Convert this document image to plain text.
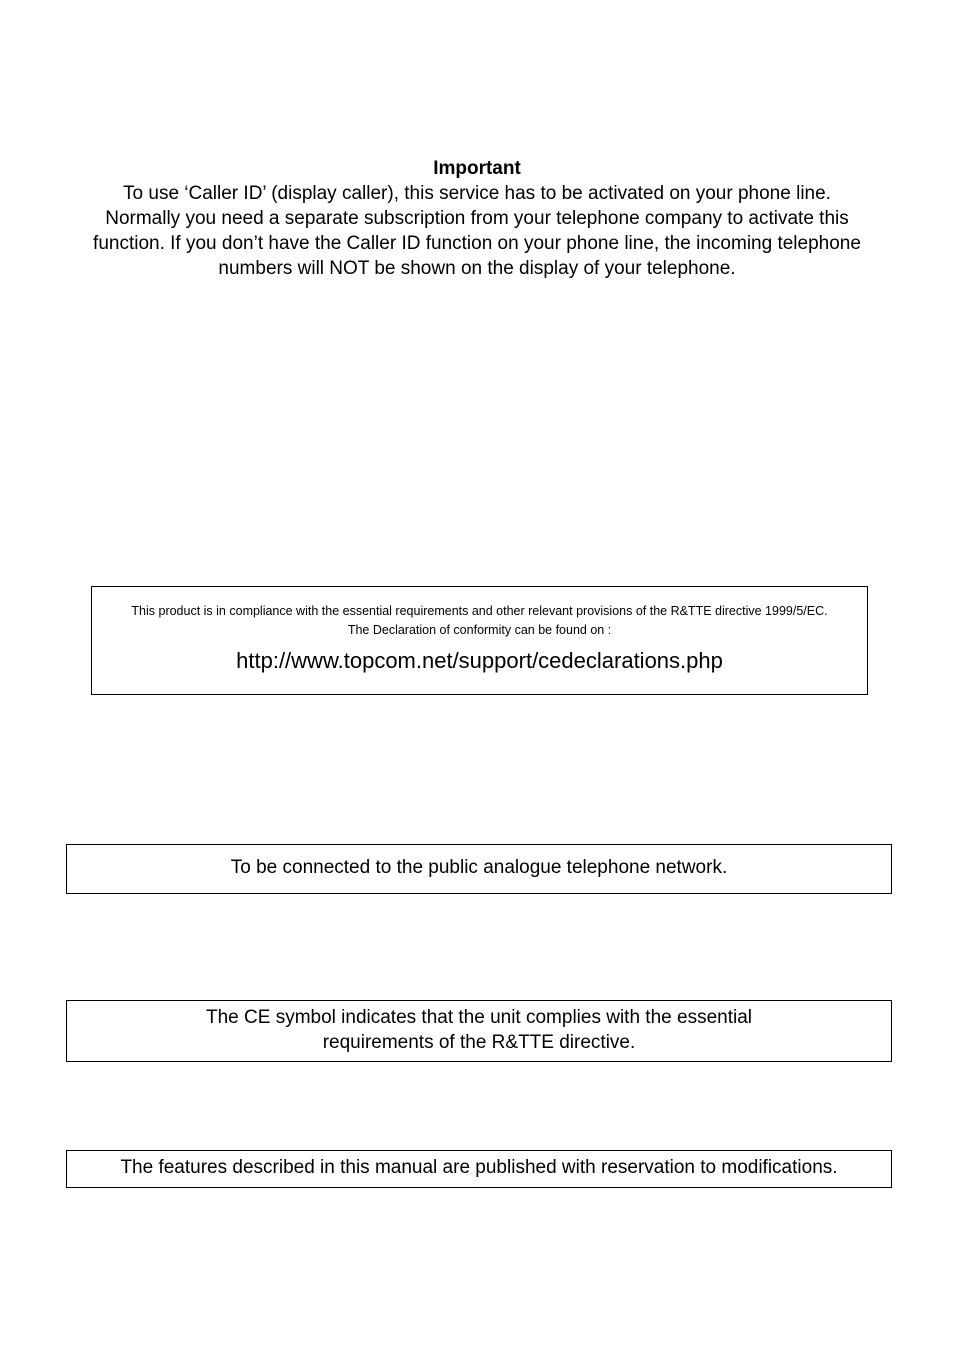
Important
To use ‘Caller ID’ (display caller), this service has to be activated on your phone line.
Normally you need a separate subscription from your telephone company to activate this
function. If you don’t have the Caller ID function on your phone line, the incoming telephone
numbers will NOT be shown on the display of your telephone.
This product is in compliance with the essential requirements and other relevant provisions of the R&TTE directive 1999/5/EC.
The Declaration of conformity can be found on :
http://www.topcom.net/support/cedeclarations.php
To be connected to the public analogue telephone network.
The CE symbol indicates that the unit complies with the essential
requirements of the R&TTE directive.
The features described in this manual are published with reservation to modifications.
